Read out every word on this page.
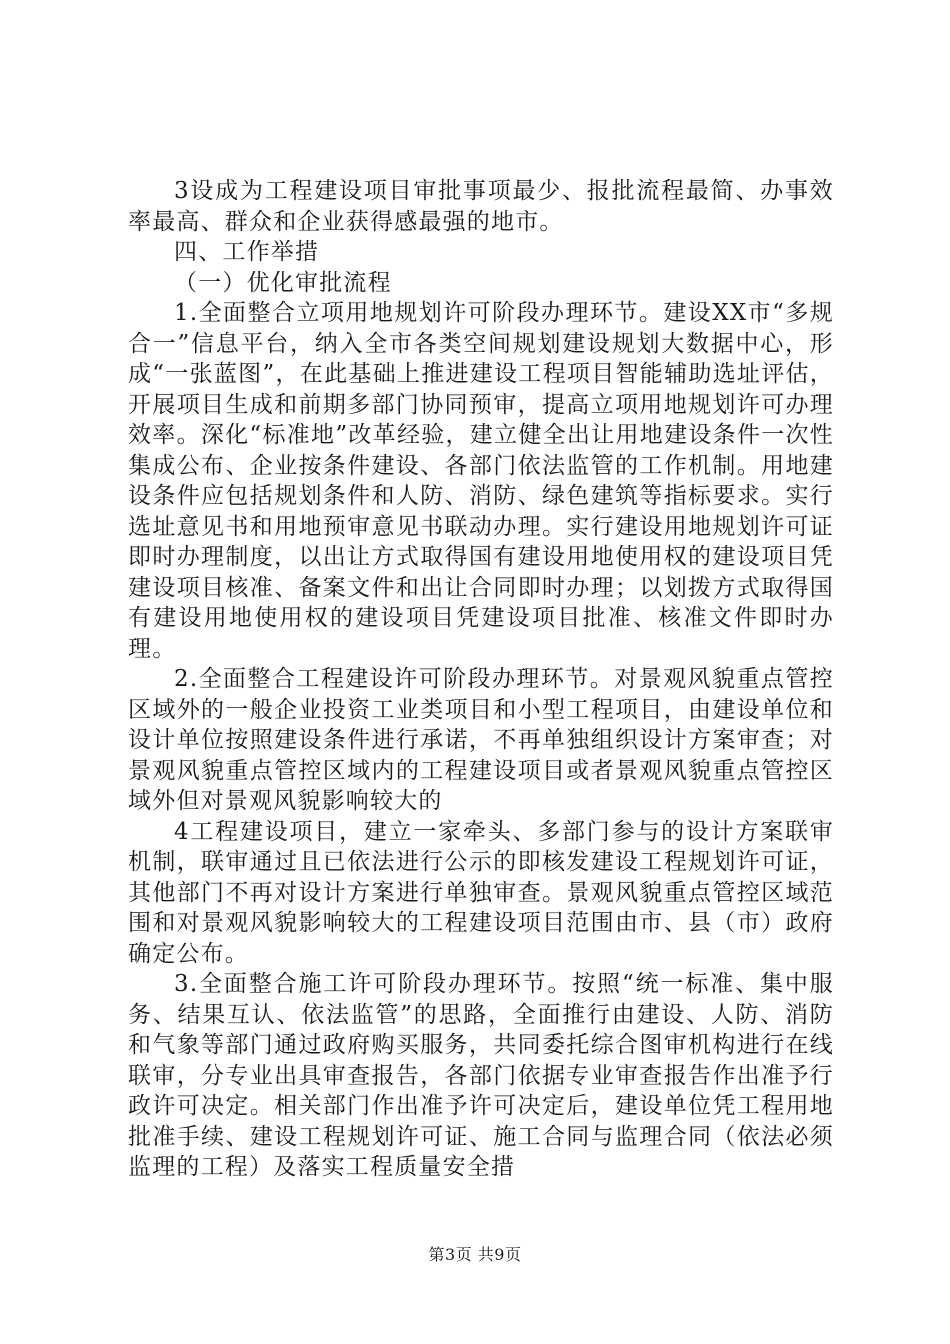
3设成为工程建设项目审批事项最少、报批流程最简、办事效率最高、群众和企业获得感最强的地市。

四、工作举措

（一）优化审批流程

1.全面整合立项用地规划许可阶段办理环节。建设XX市“多规合一”信息平台，纳入全市各类空间规划建设规划大数据中心，形成“一张蓝图”，在此基础上推进建设工程项目智能辅助选址评估，开展项目生成和前期多部门协同预审，提高立项用地规划许可办理效率。深化“标准地”改革经验，建立健全出让用地建设条件一次性集成公布、企业按条件建设、各部门依法监管的工作机制。用地建设条件应包括规划条件和人防、消防、绿色建筑等指标要求。实行选址意见书和用地预审意见书联动办理。实行建设用地规划许可证即时办理制度，以出让方式取得国有建设用地使用权的建设项目凭建设项目核准、备案文件和出让合同即时办理；以划拨方式取得国有建设用地使用权的建设项目凭建设项目批准、核准文件即时办理。

2.全面整合工程建设许可阶段办理环节。对景观风貌重点管控区域外的一般企业投资工业类项目和小型工程项目，由建设单位和设计单位按照建设条件进行承诺，不再单独组织设计方案审查；对景观风貌重点管控区域内的工程建设项目或者景观风貌重点管控区域外但对景观风貌影响较大的

4工程建设项目，建立一家牵头、多部门参与的设计方案联审机制，联审通过且已依法进行公示的即核发建设工程规划许可证，其他部门不再对设计方案进行单独审查。景观风貌重点管控区域范围和对景观风貌影响较大的工程建设项目范围由市、县（市）政府确定公布。

3.全面整合施工许可阶段办理环节。按照“统一标准、集中服务、结果互认、依法监管”的思路，全面推行由建设、人防、消防和气象等部门通过政府购买服务，共同委托综合图审机构进行在线联审，分专业出具审查报告，各部门依据专业审查报告作出准予行政许可决定。相关部门作出准予许可决定后，建设单位凭工程用地批准手续、建设工程规划许可证、施工合同与监理合同（依法必须监理的工程）及落实工程质量安全措

第3页 共9页
